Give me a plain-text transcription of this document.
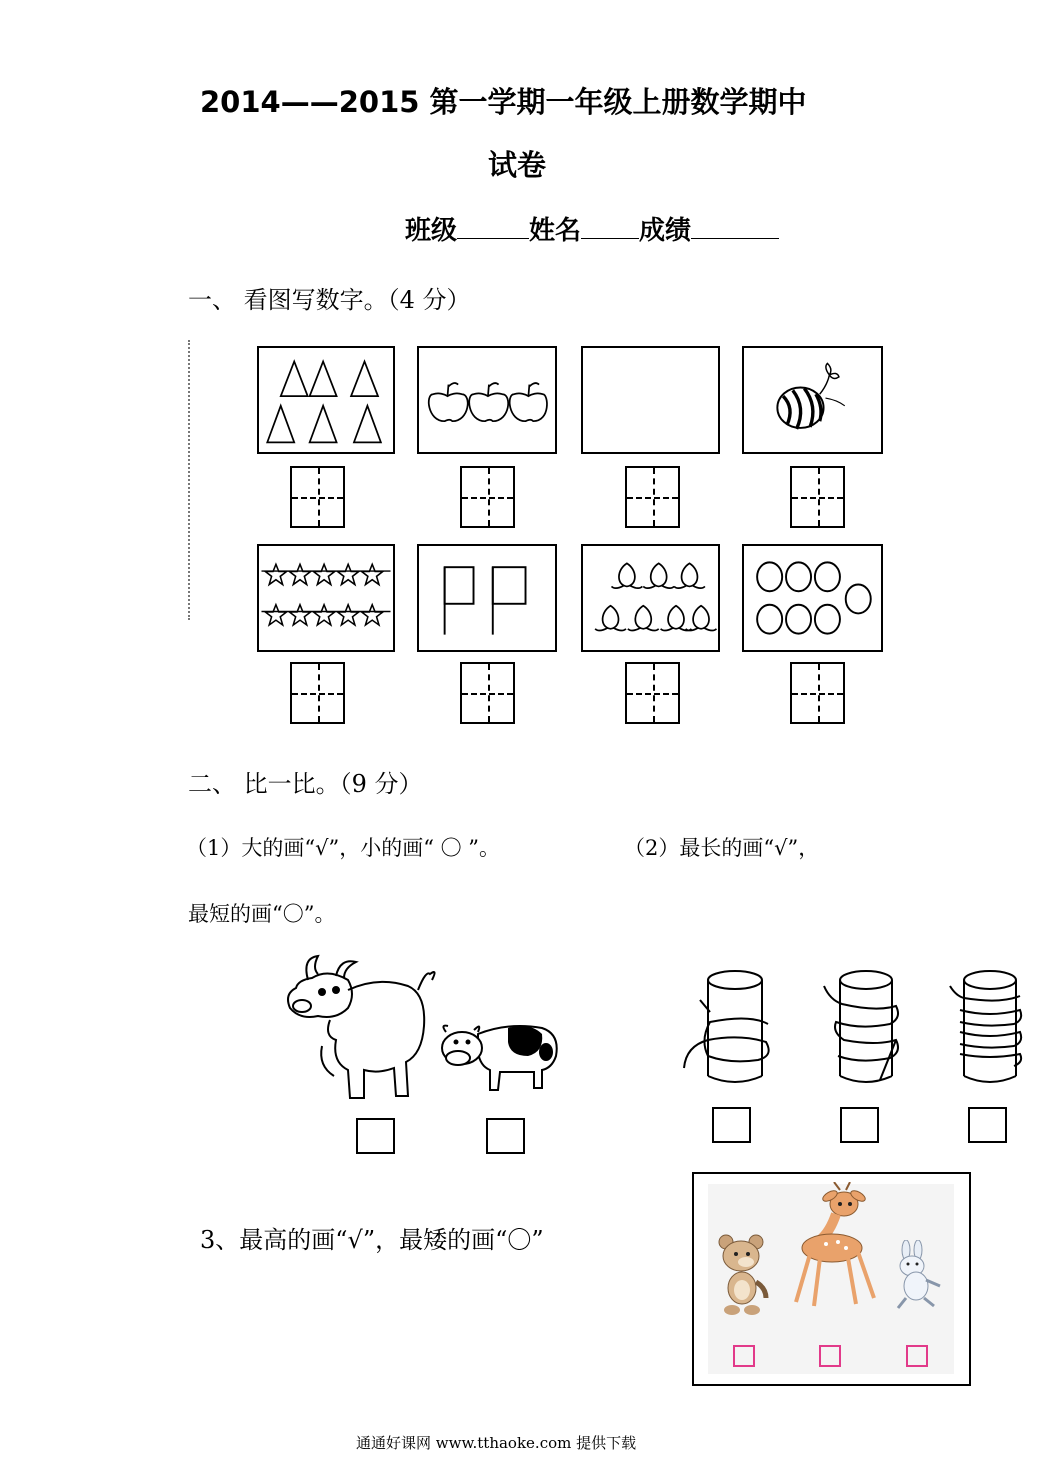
2014——2015 第一学期一年级上册数学期中
试卷
班级	姓名 成绩
一、 看图写数字。（4 分）
二、 比一比。（9 分）
（1）大的画“√”，小的画“ 〇 ”。	（2）最长的画“√”，
最短的画“〇”。
3、最高的画“√”，最矮的画“〇”
通通好课网 www.tthaoke.com 提供下载
